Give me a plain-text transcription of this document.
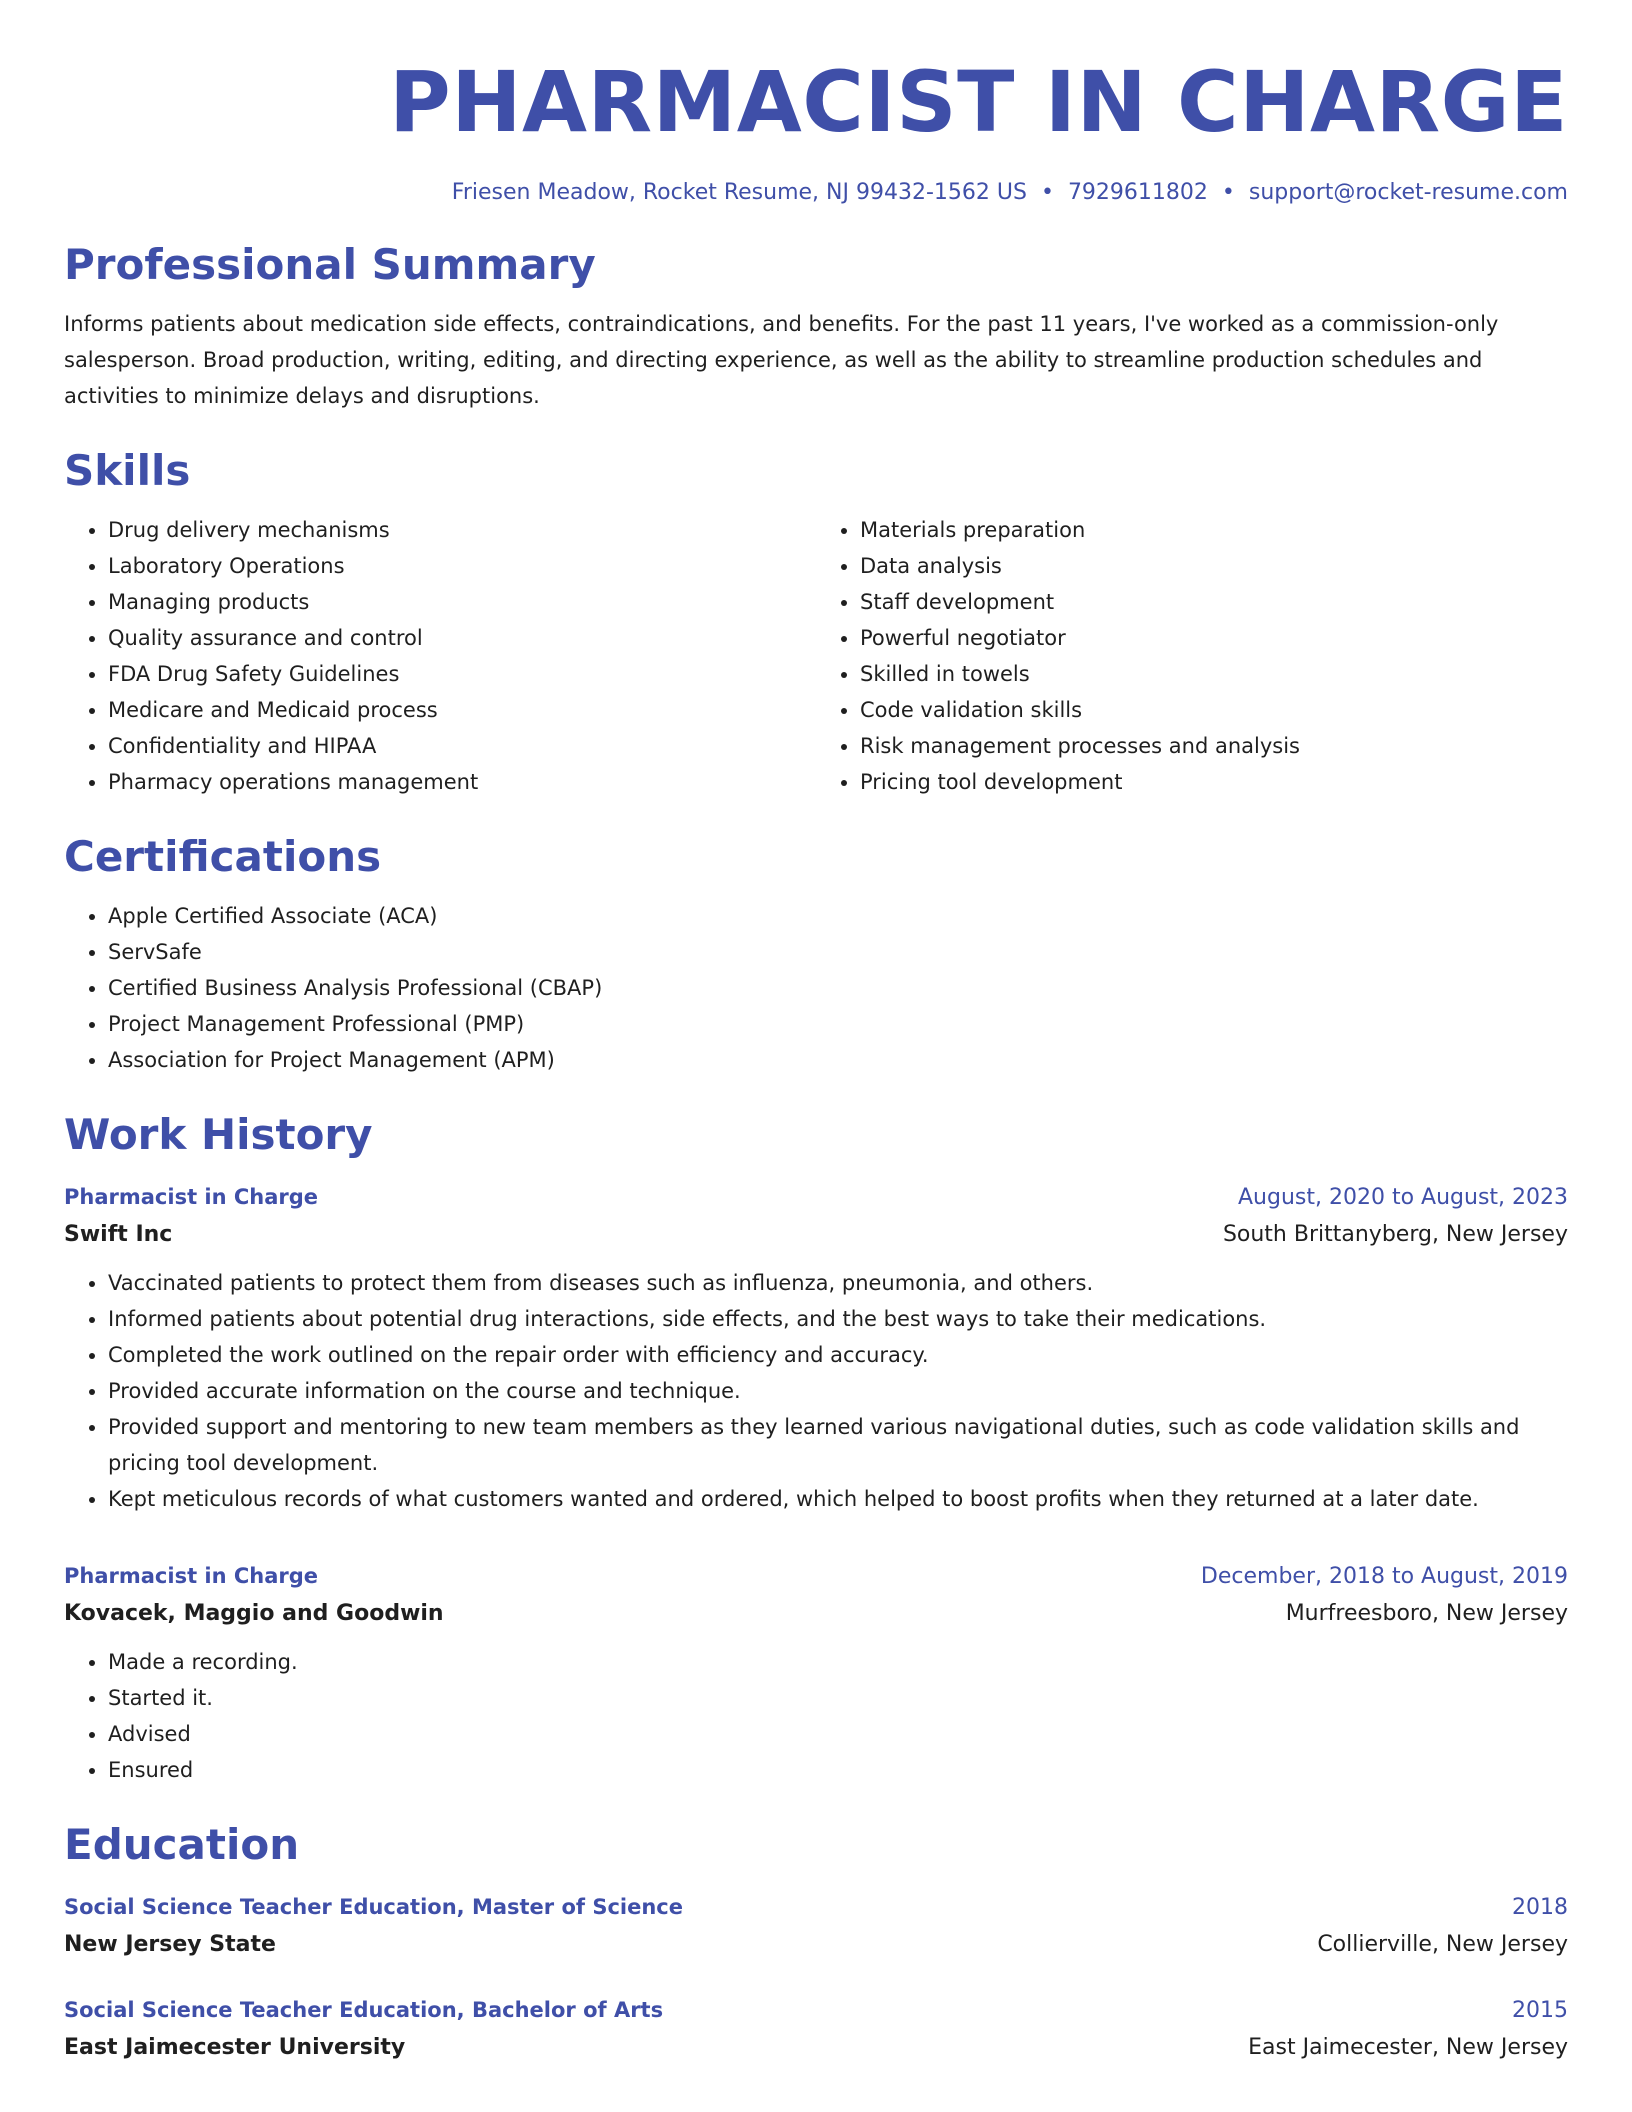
PHARMACIST IN CHARGE
Friesen Meadow, Rocket Resume, NJ 99432-1562 US • 7929611802 • support@rocket-resume.com
Professional Summary

Informs patients about medication side effects, contraindications, and benefits. For the past 11 years, I've worked as a commission-only salesperson. Broad production, writing, editing, and directing experience, as well as the ability to streamline production schedules and activities to minimize delays and disruptions.

Skills
• Drug delivery mechanisms
• Laboratory Operations
• Managing products
• Quality assurance and control
• FDA Drug Safety Guidelines
• Medicare and Medicaid process
• Confidentiality and HIPAA
• Pharmacy operations management
• Materials preparation
• Data analysis
• Staff development
• Powerful negotiator
• Skilled in towels
• Code validation skills
• Risk management processes and analysis
• Pricing tool development
Certifications
• Apple Certified Associate (ACA)
• ServSafe
• Certified Business Analysis Professional (CBAP)
• Project Management Professional (PMP)
• Association for Project Management (APM)
Work History
Pharmacist in Charge	August, 2020 to August, 2023
Swift Inc	South Brittanyberg, New Jersey
• Vaccinated patients to protect them from diseases such as influenza, pneumonia, and others.
• Informed patients about potential drug interactions, side effects, and the best ways to take their medications.
• Completed the work outlined on the repair order with efficiency and accuracy.
• Provided accurate information on the course and technique.
• Provided support and mentoring to new team members as they learned various navigational duties, such as code validation skills and pricing tool development.
• Kept meticulous records of what customers wanted and ordered, which helped to boost profits when they returned at a later date.
Pharmacist in Charge	December, 2018 to August, 2019
Kovacek, Maggio and Goodwin	Murfreesboro, New Jersey
• Made a recording.
• Started it.
• Advised
• Ensured
Education
Social Science Teacher Education, Master of Science	2018
New Jersey State	Collierville, New Jersey
Social Science Teacher Education, Bachelor of Arts	2015
East Jaimecester University	East Jaimecester, New Jersey
